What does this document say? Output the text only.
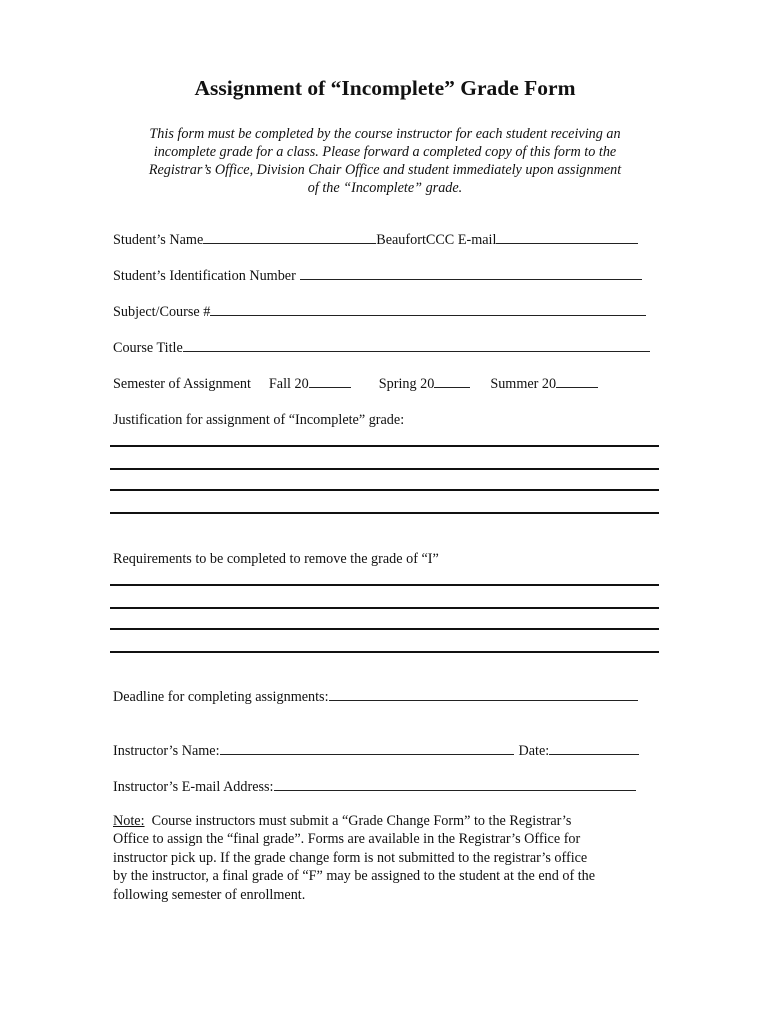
Assignment of “Incomplete” Grade Form
This form must be completed by the course instructor for each student receiving an
incomplete grade for a class. Please forward a completed copy of this form to the
Registrar’s Office, Division Chair Office and student immediately upon assignment
of the “Incomplete” grade.
Student’s Name	BeaufortCCC E-mail
Student’s Identification Number
Subject/Course #
Course Title
Semester of Assignment Fall 20	Spring 20	Summer 20
Justification for assignment of “Incomplete” grade:
Requirements to be completed to remove the grade of “I”
Deadline for completing assignments:
Instructor’s Name:	Date:
Instructor’s E-mail Address:
Note: Course instructors must submit a “Grade Change Form” to the Registrar’s
Office to assign the “final grade”. Forms are available in the Registrar’s Office for
instructor pick up. If the grade change form is not submitted to the registrar’s office
by the instructor, a final grade of “F” may be assigned to the student at the end of the
following semester of enrollment.
